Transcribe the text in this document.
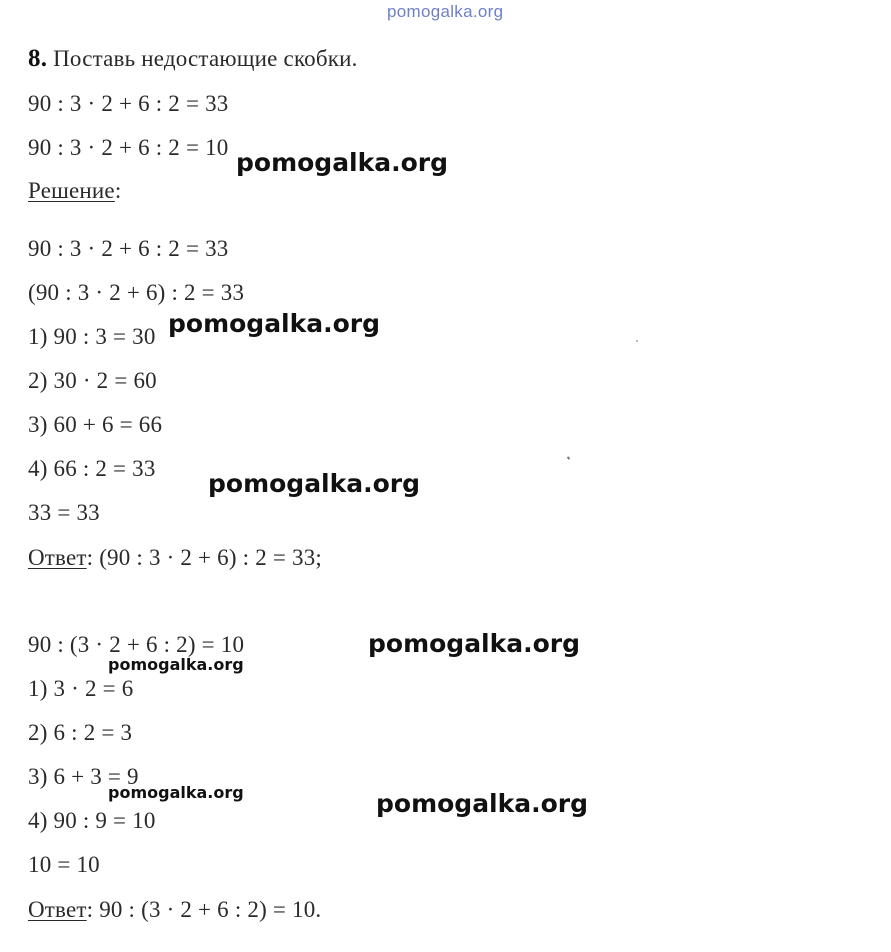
pomogalka.org
8. Поставь недостающие скобки.
90 : 3 · 2 + 6 : 2 = 33
90 : 3 · 2 + 6 : 2 = 10
Решение:
90 : 3 · 2 + 6 : 2 = 33
(90 : 3 · 2 + 6) : 2 = 33
1) 90 : 3 = 30
2) 30 · 2 = 60
3) 60 + 6 = 66
4) 66 : 2 = 33
33 = 33
Ответ: (90 : 3 · 2 + 6) : 2 = 33;
90 : (3 · 2 + 6 : 2) = 10
1) 3 · 2 = 6
2) 6 : 2 = 3
3) 6 + 3 = 9
4) 90 : 9 = 10
10 = 10
Ответ: 90 : (3 · 2 + 6 : 2) = 10.
pomogalka.org
pomogalka.org
pomogalka.org
pomogalka.org
pomogalka.org
pomogalka.org	pomogalka.org
